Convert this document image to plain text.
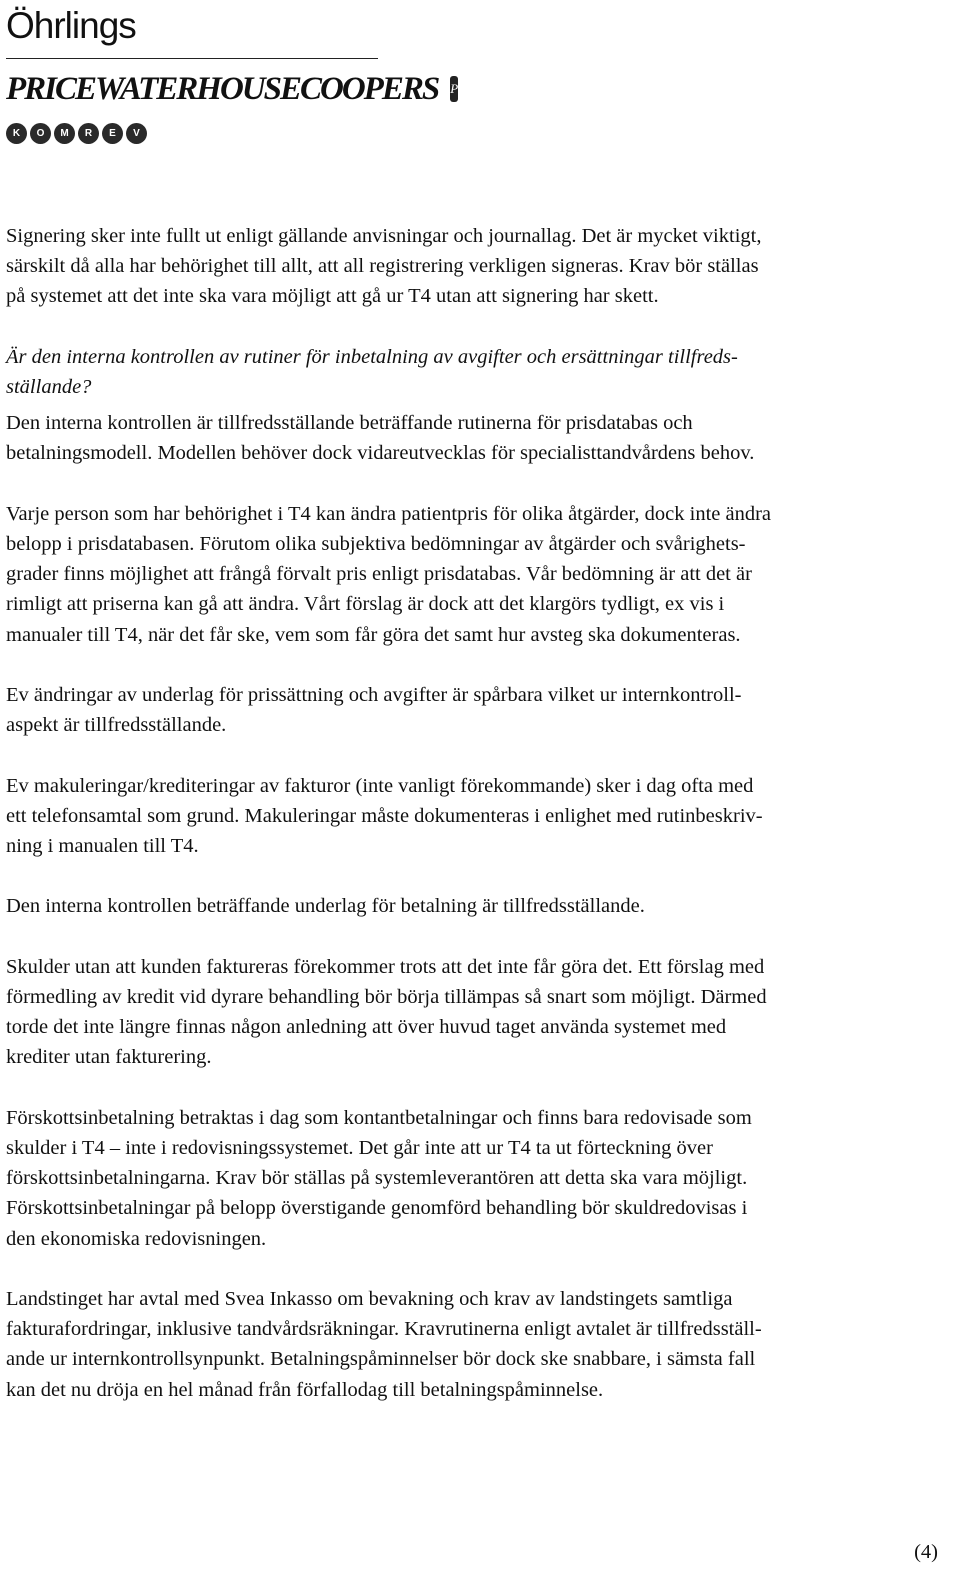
Öhrlings
PRICEWATERHOUSECOOPERS P
K	O	M	R	E	V
Signering sker inte fullt ut enligt gällande anvisningar och journallag. Det är mycket viktigt,
särskilt då alla har behörighet till allt, att all registrering verkligen signeras. Krav bör ställas
på systemet att det inte ska vara möjligt att gå ur T4 utan att signering har skett.
Är den interna kontrollen av rutiner för inbetalning av avgifter och ersättningar tillfreds-
ställande?
Den interna kontrollen är tillfredsställande beträffande rutinerna för prisdatabas och
betalningsmodell. Modellen behöver dock vidareutvecklas för specialisttandvårdens behov.
Varje person som har behörighet i T4 kan ändra patientpris för olika åtgärder, dock inte ändra
belopp i prisdatabasen. Förutom olika subjektiva bedömningar av åtgärder och svårighets-
grader finns möjlighet att frångå förvalt pris enligt prisdatabas. Vår bedömning är att det är
rimligt att priserna kan gå att ändra. Vårt förslag är dock att det klargörs tydligt, ex vis i
manualer till T4, när det får ske, vem som får göra det samt hur avsteg ska dokumenteras.
Ev ändringar av underlag för prissättning och avgifter är spårbara vilket ur internkontroll-
aspekt är tillfredsställande.
Ev makuleringar/krediteringar av fakturor (inte vanligt förekommande) sker i dag ofta med
ett telefonsamtal som grund. Makuleringar måste dokumenteras i enlighet med rutinbeskriv-
ning i manualen till T4.
Den interna kontrollen beträffande underlag för betalning är tillfredsställande.
Skulder utan att kunden faktureras förekommer trots att det inte får göra det. Ett förslag med
förmedling av kredit vid dyrare behandling bör börja tillämpas så snart som möjligt. Därmed
torde det inte längre finnas någon anledning att över huvud taget använda systemet med
krediter utan fakturering.
Förskottsinbetalning betraktas i dag som kontantbetalningar och finns bara redovisade som
skulder i T4 – inte i redovisningssystemet. Det går inte att ur T4 ta ut förteckning över
förskottsinbetalningarna. Krav bör ställas på systemleverantören att detta ska vara möjligt.
Förskottsinbetalningar på belopp överstigande genomförd behandling bör skuldredovisas i
den ekonomiska redovisningen.
Landstinget har avtal med Svea Inkasso om bevakning och krav av landstingets samtliga
fakturafordringar, inklusive tandvårdsräkningar. Kravrutinerna enligt avtalet är tillfredsställ-
ande ur internkontrollsynpunkt. Betalningspåminnelser bör dock ske snabbare, i sämsta fall
kan det nu dröja en hel månad från förfallodag till betalningspåminnelse.
(4)
